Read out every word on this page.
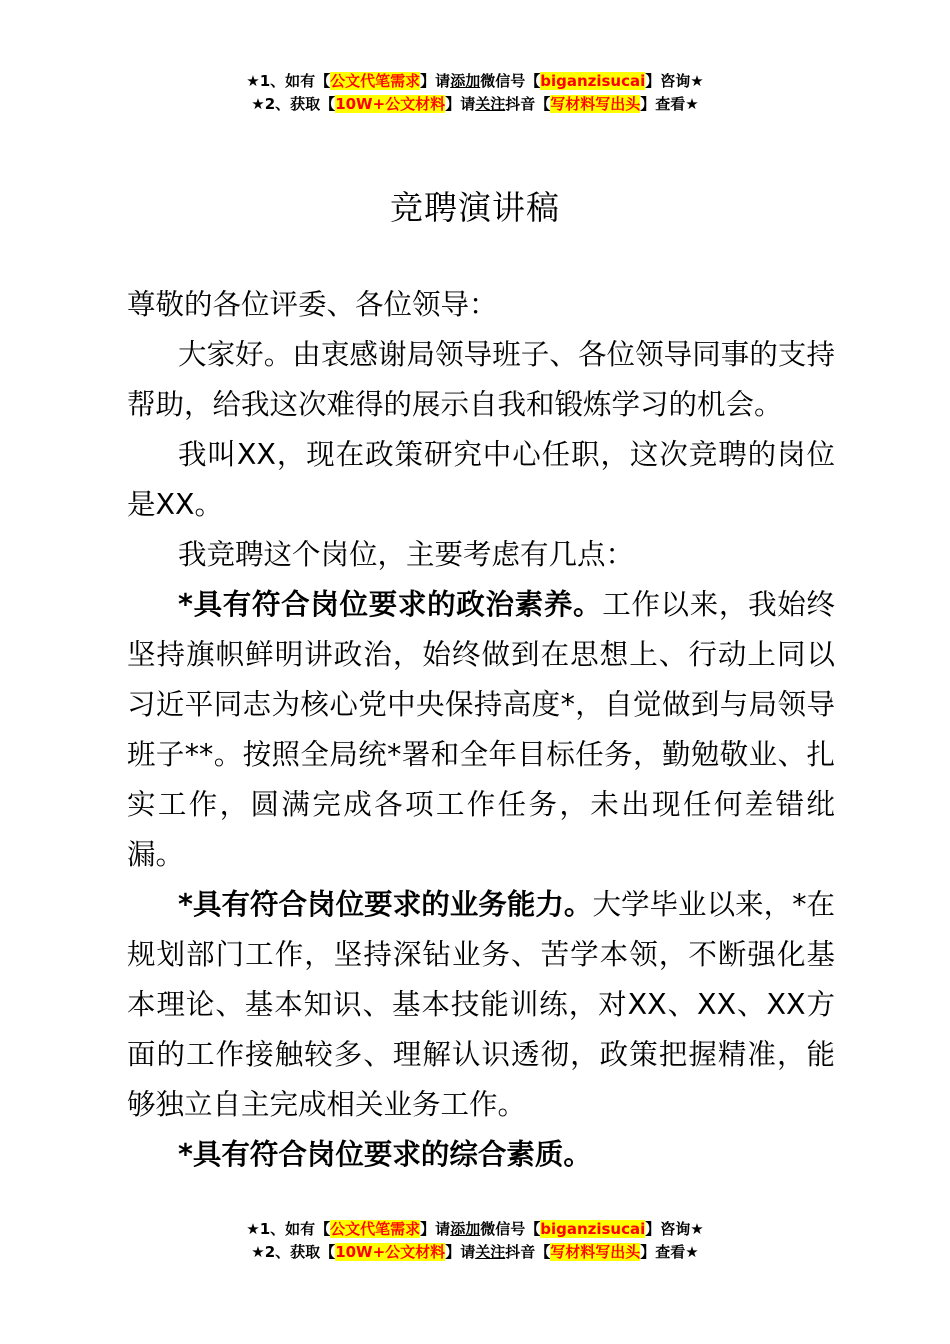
★1、如有【公文代笔需求】请添加微信号【biganzisucai】咨询★
★2、获取【10W+公文材料】请关注抖音【写材料写出头】查看★
竞聘演讲稿

尊敬的各位评委、各位领导：

大家好。由衷感谢局领导班子、各位领导同事的支持帮助，给我这次难得的展示自我和锻炼学习的机会。

我叫XX，现在政策研究中心任职，这次竞聘的岗位是XX。

我竞聘这个岗位，主要考虑有几点：

*具有符合岗位要求的政治素养。工作以来，我始终坚持旗帜鲜明讲政治，始终做到在思想上、行动上同以习近平同志为核心党中央保持高度*，自觉做到与局领导班子**。按照全局统*署和全年目标任务，勤勉敬业、扎实工作，圆满完成各项工作任务，未出现任何差错纰漏。

*具有符合岗位要求的业务能力。大学毕业以来，*在规划部门工作，坚持深钻业务、苦学本领，不断强化基本理论、基本知识、基本技能训练，对XX、XX、XX方面的工作接触较多、理解认识透彻，政策把握精准，能够独立自主完成相关业务工作。

*具有符合岗位要求的综合素质。

★1、如有【公文代笔需求】请添加微信号【biganzisucai】咨询★
★2、获取【10W+公文材料】请关注抖音【写材料写出头】查看★
